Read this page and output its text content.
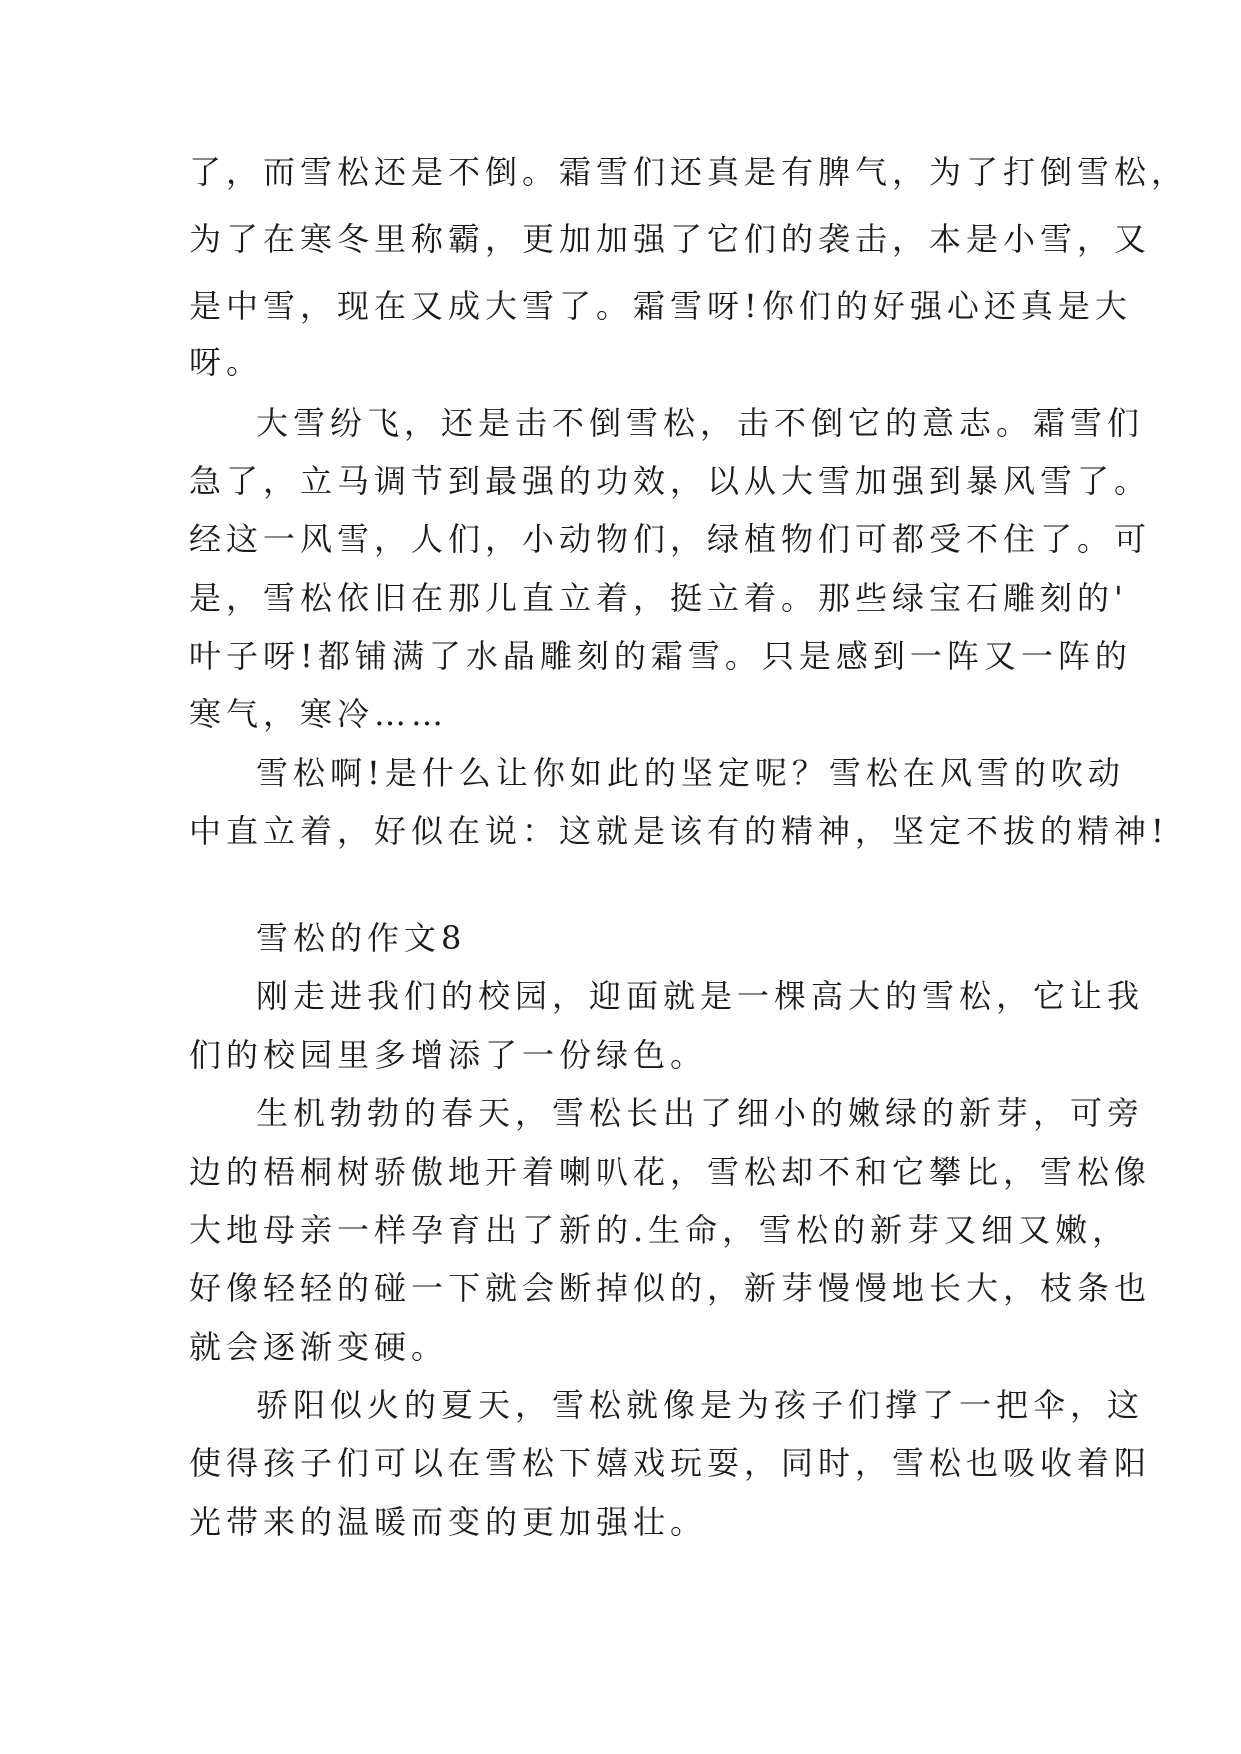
了，而雪松还是不倒。霜雪们还真是有脾气，为了打倒雪松，
为了在寒冬里称霸，更加加强了它们的袭击，本是小雪，又
是中雪，现在又成大雪了。霜雪呀!你们的好强心还真是大
呀。
大雪纷飞，还是击不倒雪松，击不倒它的意志。霜雪们
急了，立马调节到最强的功效，以从大雪加强到暴风雪了。
经这一风雪，人们，小动物们，绿植物们可都受不住了。可
是，雪松依旧在那儿直立着，挺立着。那些绿宝石雕刻的'
叶子呀!都铺满了水晶雕刻的霜雪。只是感到一阵又一阵的
寒气，寒冷……
雪松啊!是什么让你如此的坚定呢？雪松在风雪的吹动
中直立着，好似在说：这就是该有的精神，坚定不拔的精神!
雪松的作文8
刚走进我们的校园，迎面就是一棵高大的雪松，它让我
们的校园里多增添了一份绿色。
生机勃勃的春天，雪松长出了细小的嫩绿的新芽，可旁
边的梧桐树骄傲地开着喇叭花，雪松却不和它攀比，雪松像
大地母亲一样孕育出了新的.生命，雪松的新芽又细又嫩，
好像轻轻的碰一下就会断掉似的，新芽慢慢地长大，枝条也
就会逐渐变硬。
骄阳似火的夏天，雪松就像是为孩子们撑了一把伞，这
使得孩子们可以在雪松下嬉戏玩耍，同时，雪松也吸收着阳
光带来的温暖而变的更加强壮。
